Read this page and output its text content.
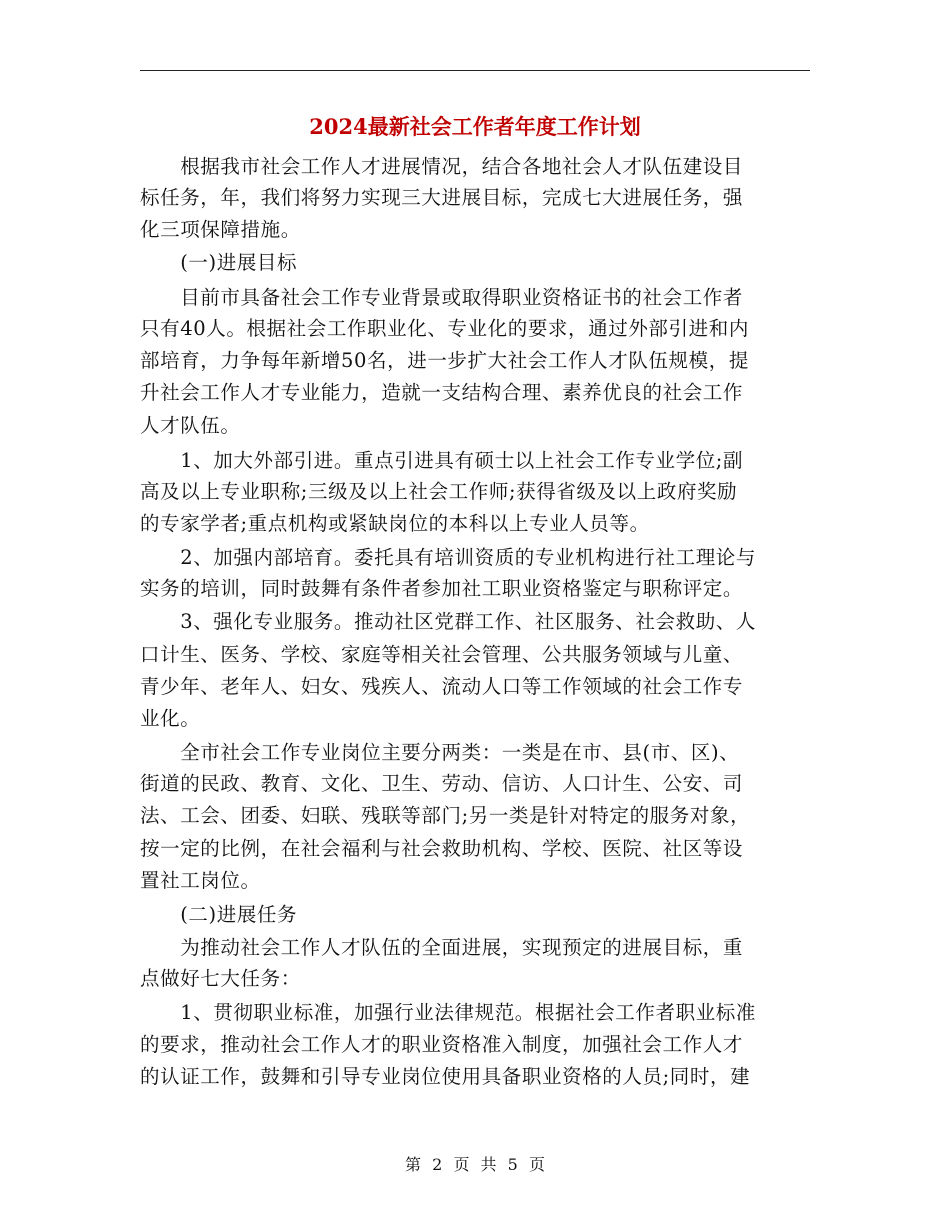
2024最新社会工作者年度工作计划
　　根据我市社会工作人才进展情况，结合各地社会人才队伍建设目
标任务，年，我们将努力实现三大进展目标，完成七大进展任务，强
化三项保障措施。
　　(一)进展目标
　　目前市具备社会工作专业背景或取得职业资格证书的社会工作者
只有40人。根据社会工作职业化、专业化的要求，通过外部引进和内
部培育，力争每年新增50名，进一步扩大社会工作人才队伍规模，提
升社会工作人才专业能力，造就一支结构合理、素养优良的社会工作
人才队伍。
　　1、加大外部引进。重点引进具有硕士以上社会工作专业学位;副
高及以上专业职称;三级及以上社会工作师;获得省级及以上政府奖励
的专家学者;重点机构或紧缺岗位的本科以上专业人员等。
　　2、加强内部培育。委托具有培训资质的专业机构进行社工理论与
实务的培训，同时鼓舞有条件者参加社工职业资格鉴定与职称评定。
　　3、强化专业服务。推动社区党群工作、社区服务、社会救助、人
口计生、医务、学校、家庭等相关社会管理、公共服务领域与儿童、
青少年、老年人、妇女、残疾人、流动人口等工作领域的社会工作专
业化。
　　全市社会工作专业岗位主要分两类：一类是在市、县(市、区)、
街道的民政、教育、文化、卫生、劳动、信访、人口计生、公安、司
法、工会、团委、妇联、残联等部门;另一类是针对特定的服务对象，
按一定的比例，在社会福利与社会救助机构、学校、医院、社区等设
置社工岗位。
　　(二)进展任务
　　为推动社会工作人才队伍的全面进展，实现预定的进展目标，重
点做好七大任务：
　　1、贯彻职业标准，加强行业法律规范。根据社会工作者职业标准
的要求，推动社会工作人才的职业资格准入制度，加强社会工作人才
的认证工作，鼓舞和引导专业岗位使用具备职业资格的人员;同时，建
第 2 页 共 5 页
